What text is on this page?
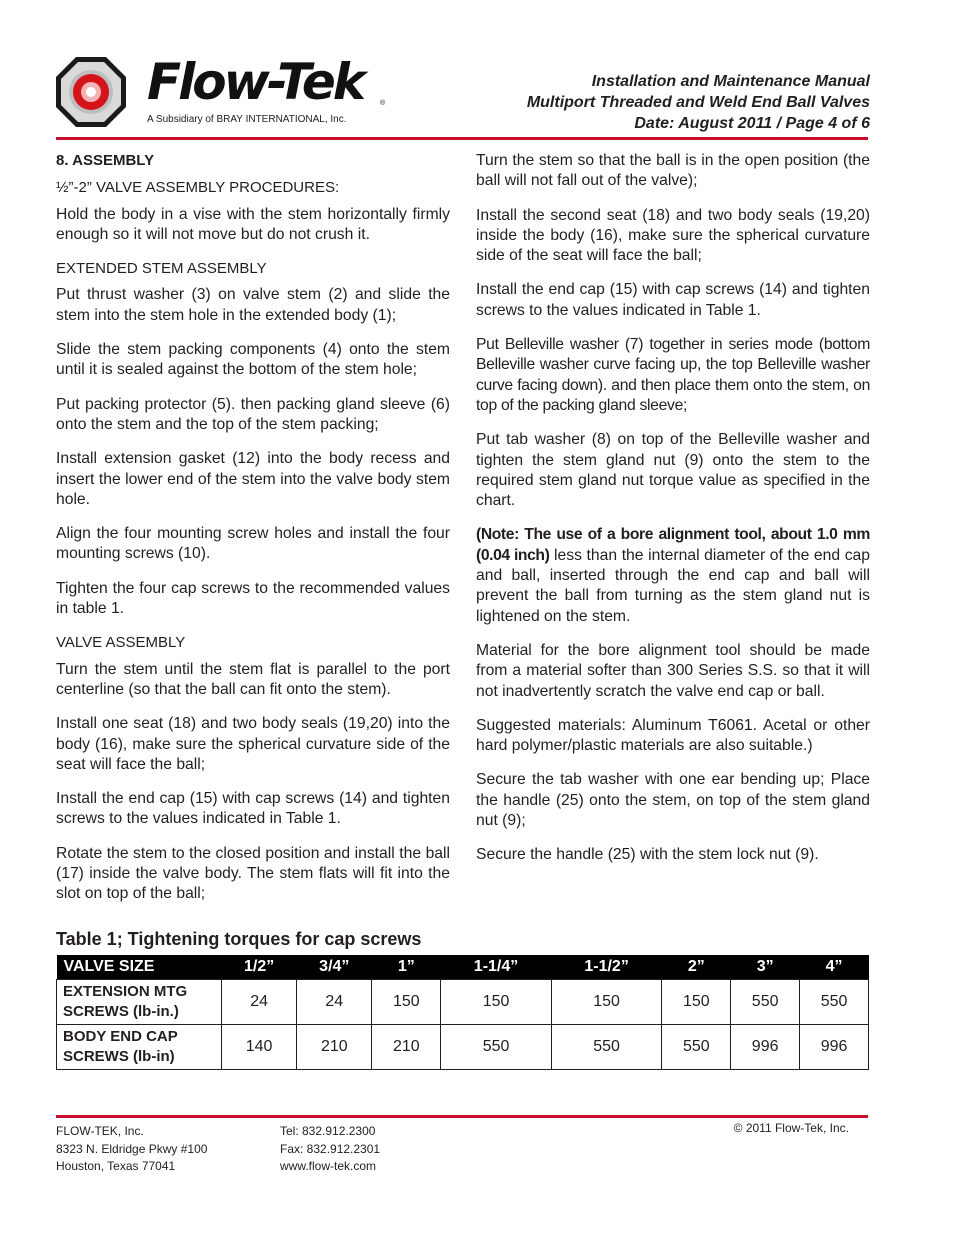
Flow-Tek ®
A Subsidiary of BRAY INTERNATIONAL, Inc.
Installation and Maintenance Manual
Multiport Threaded and Weld End Ball Valves
Date: August 2011 / Page 4 of 6
8. ASSEMBLY
½”-2” VALVE ASSEMBLY PROCEDURES:

Hold the body in a vise with the stem horizontally firmly enough so it will not move but do not crush it.

EXTENDED STEM ASSEMBLY

Put thrust washer (3) on valve stem (2) and slide the stem into the stem hole in the extended body (1);

Slide the stem packing components (4) onto the stem until it is sealed against the bottom of the stem hole;

Put packing protector (5). then packing gland sleeve (6) onto the stem and the top of the stem packing;

Install extension gasket (12) into the body recess and insert the lower end of the stem into the valve body stem hole.

Align the four mounting screw holes and install the four mounting screws (10).

Tighten the four cap screws to the recommended values in table 1.

VALVE ASSEMBLY

Turn the stem until the stem flat is parallel to the port centerline (so that the ball can fit onto the stem).

Install one seat (18) and two body seals (19,20) into the body (16), make sure the spherical curvature side of the seat will face the ball;

Install the end cap (15) with cap screws (14) and tighten screws to the values indicated in Table 1.

Rotate the stem to the closed position and install the ball (17) inside the valve body. The stem flats will fit into the slot on top of the ball;

Turn the stem so that the ball is in the open position (the ball will not fall out of the valve);

Install the second seat (18) and two body seals (19,20) inside the body (16), make sure the spherical curvature side of the seat will face the ball;

Install the end cap (15) with cap screws (14) and tighten screws to the values indicated in Table 1.

Put Belleville washer (7) together in series mode (bottom Belleville washer curve facing up, the top Belleville washer curve facing down). and then place them onto the stem, on top of the packing gland sleeve;

Put tab washer (8) on top of the Belleville washer and tighten the stem gland nut (9) onto the stem to the required stem gland nut torque value as specified in the chart.

(Note: The use of a bore alignment tool, about 1.0 mm (0.04 inch) less than the internal diameter of the end cap and ball, inserted through the end cap and ball will prevent the ball from turning as the stem gland nut is lightened on the stem.

Material for the bore alignment tool should be made from a material softer than 300 Series S.S. so that it will not inadvertently scratch the valve end cap or ball.

Suggested materials: Aluminum T6061. Acetal or other hard polymer/plastic materials are also suitable.)

Secure the tab washer with one ear bending up; Place the handle (25) onto the stem, on top of the stem gland nut (9);

Secure the handle (25) with the stem lock nut (9).

Table 1; Tightening torques for cap screws
VALVE SIZE	1/2”	3/4”	1”	1-1/4”	1-1/2”	2”	3”	4”

EXTENSION MTG
SCREWS (lb-in.)	24	24	150	150	150	150	550	550

BODY END CAP
SCREWS (lb-in)	140	210	210	550	550	550	996	996
FLOW-TEK, Inc.
8323 N. Eldridge Pkwy #100
Houston, Texas 77041
Tel: 832.912.2300
Fax: 832.912.2301
www.flow-tek.com
© 2011 Flow-Tek, Inc.
